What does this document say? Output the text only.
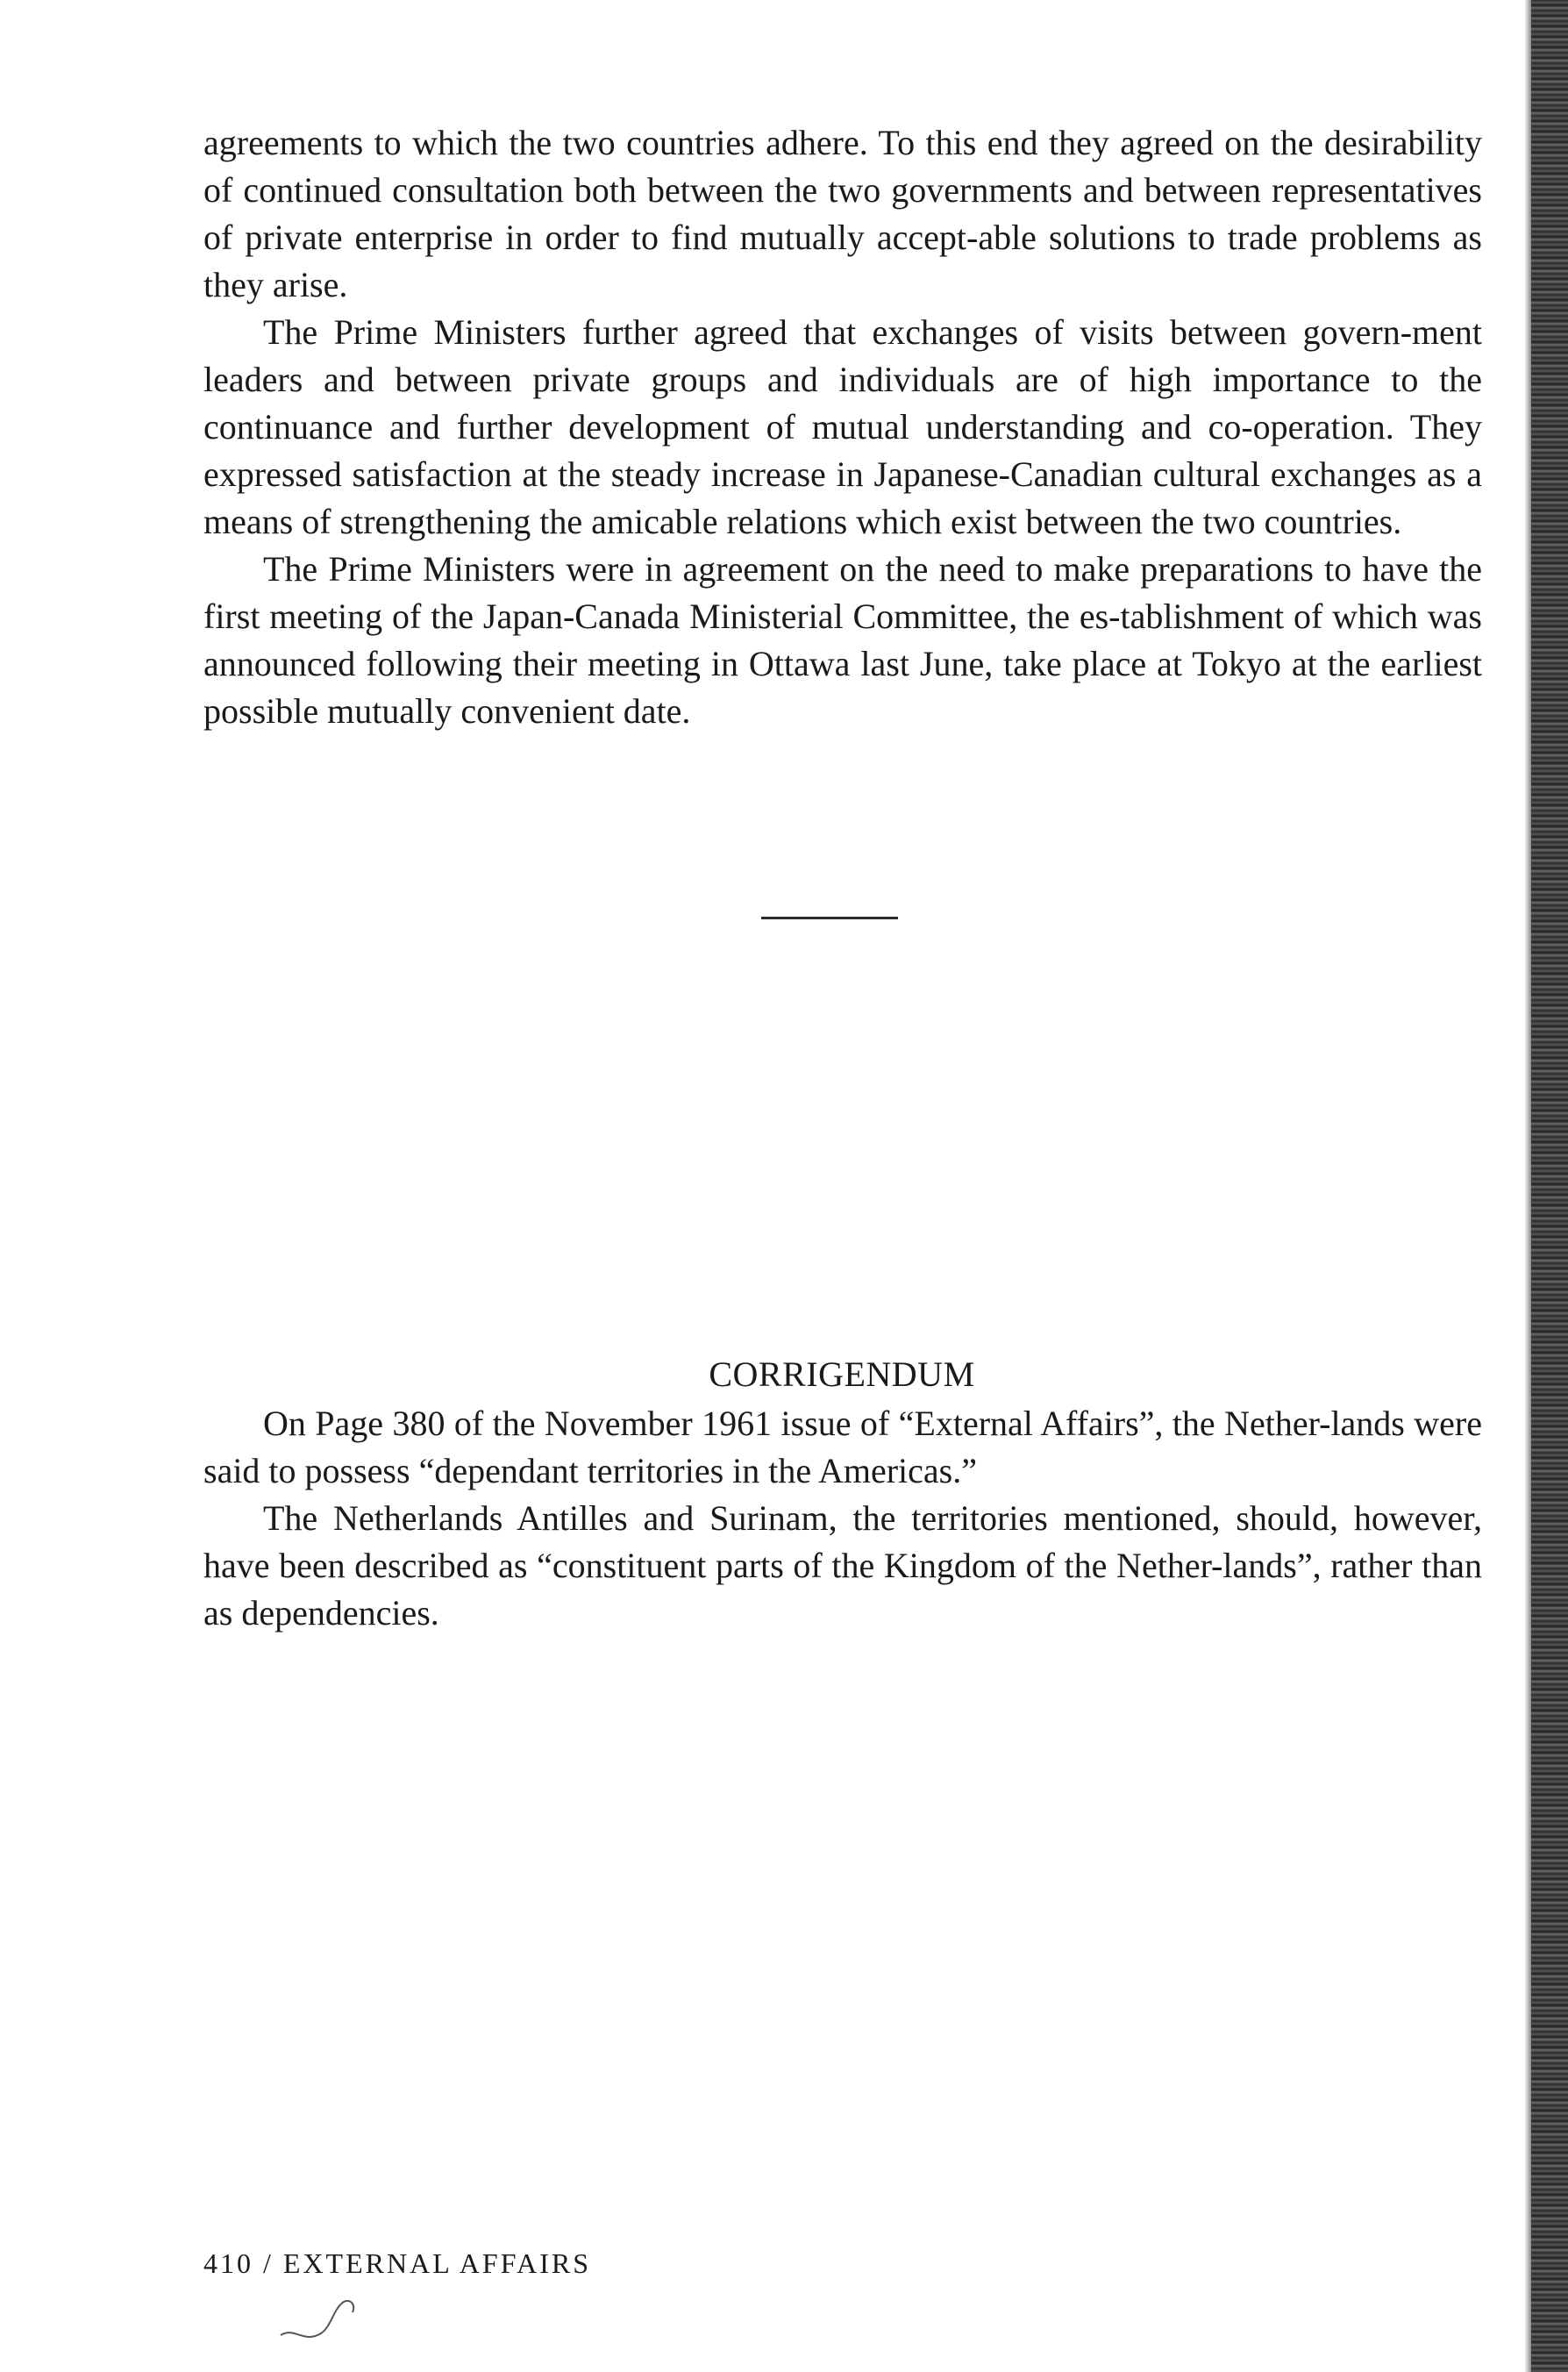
agreements to which the two countries adhere. To this end they agreed on the desirability of continued consultation both between the two governments and between representatives of private enterprise in order to find mutually accept-able solutions to trade problems as they arise.

The Prime Ministers further agreed that exchanges of visits between govern-ment leaders and between private groups and individuals are of high importance to the continuance and further development of mutual understanding and co-operation. They expressed satisfaction at the steady increase in Japanese-Canadian cultural exchanges as a means of strengthening the amicable relations which exist between the two countries.

The Prime Ministers were in agreement on the need to make preparations to have the first meeting of the Japan-Canada Ministerial Committee, the es-tablishment of which was announced following their meeting in Ottawa last June, take place at Tokyo at the earliest possible mutually convenient date.

CORRIGENDUM

On Page 380 of the November 1961 issue of “External Affairs”, the Nether-lands were said to possess “dependant territories in the Americas.”

The Netherlands Antilles and Surinam, the territories mentioned, should, however, have been described as “constituent parts of the Kingdom of the Nether-lands”, rather than as dependencies.

410 / EXTERNAL AFFAIRS
